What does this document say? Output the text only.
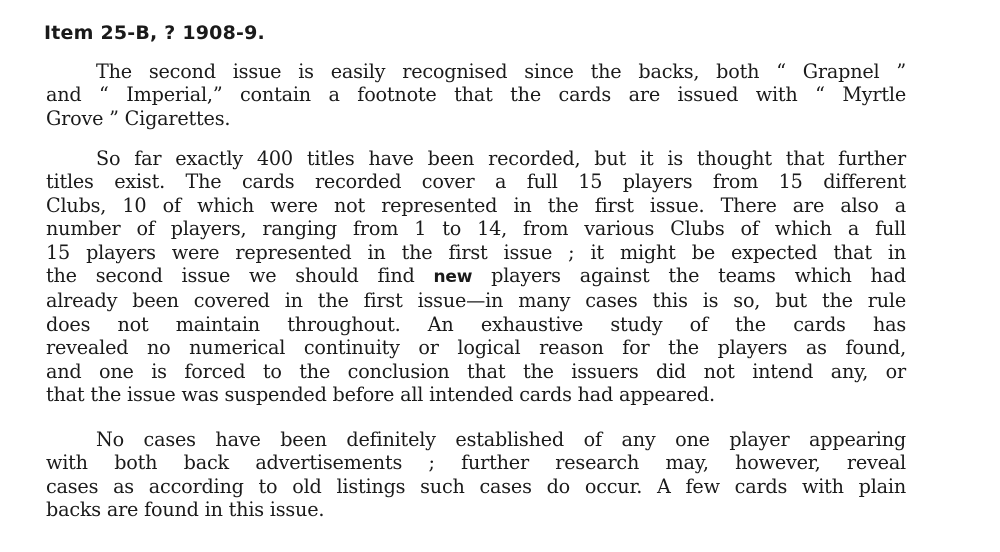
Item 25-B, ? 1908-9.
The second issue is easily recognised since the backs, both “ Grapnel ”
and “ Imperial,” contain a footnote that the cards are issued with “ Myrtle
Grove ” Cigarettes.
So far exactly 400 titles have been recorded, but it is thought that further
titles exist. The cards recorded cover a full 15 players from 15 different
Clubs, 10 of which were not represented in the first issue. There are also a
number of players, ranging from 1 to 14, from various Clubs of which a full
15 players were represented in the first issue ; it might be expected that in
the second issue we should find new players against the teams which had
already been covered in the first issue—in many cases this is so, but the rule
does not maintain throughout. An exhaustive study of the cards has
revealed no numerical continuity or logical reason for the players as found,
and one is forced to the conclusion that the issuers did not intend any, or
that the issue was suspended before all intended cards had appeared.
No cases have been definitely established of any one player appearing
with both back advertisements ; further research may, however, reveal
cases as according to old listings such cases do occur. A few cards with plain
backs are found in this issue.
